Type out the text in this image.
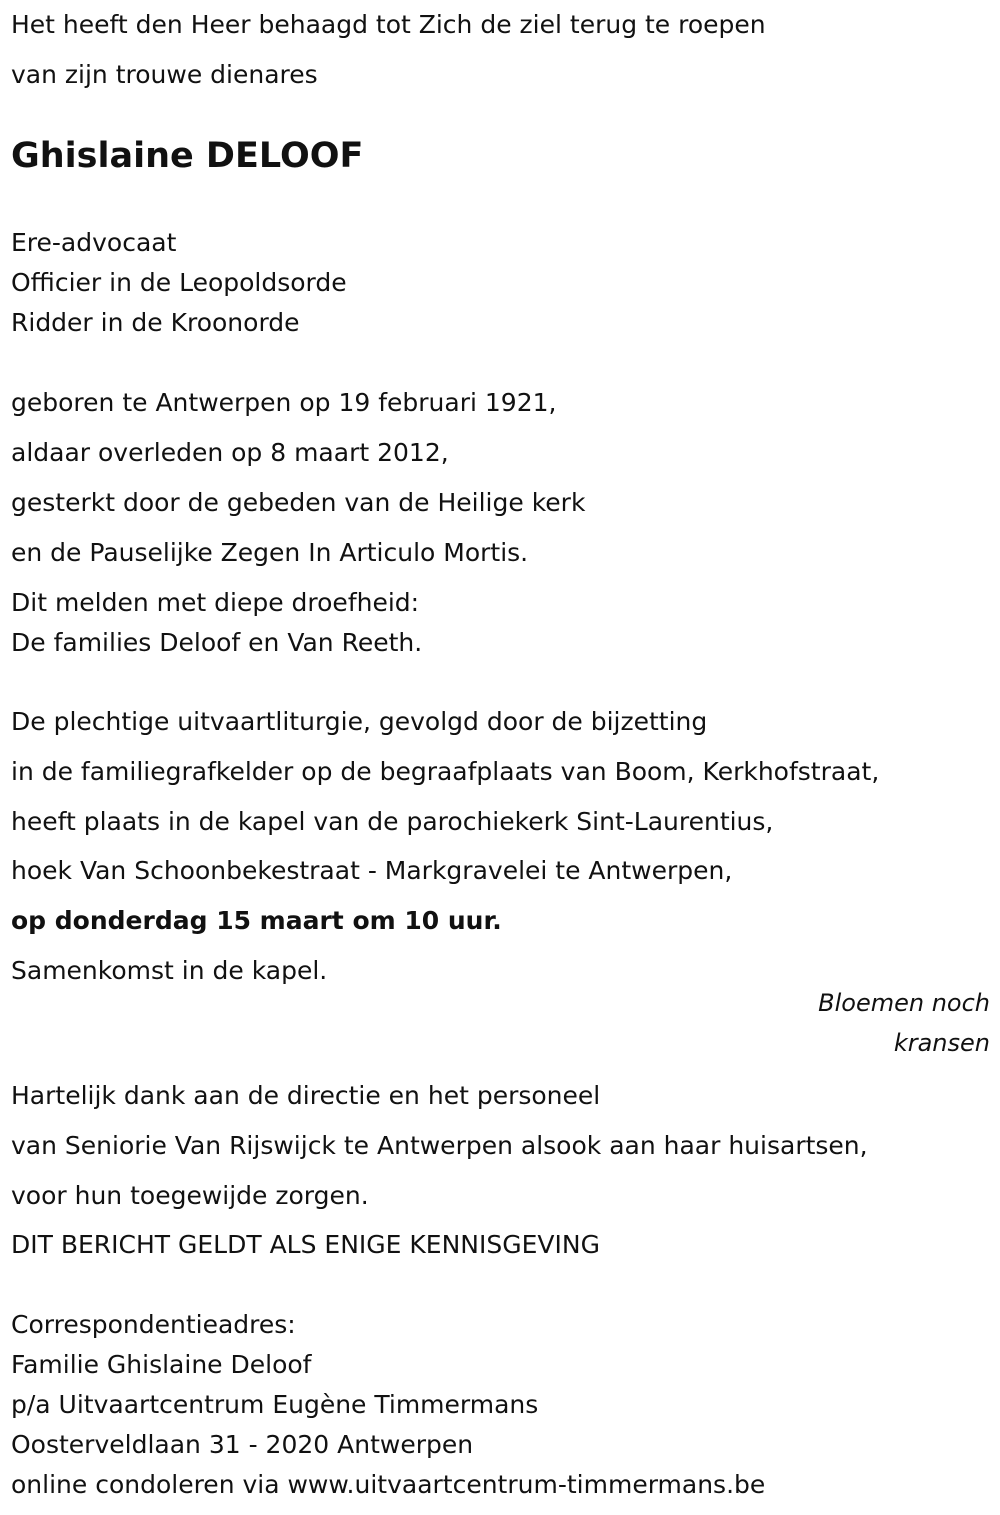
Het heeft den Heer behaagd tot Zich de ziel terug te roepen

van zijn trouwe dienares

Ghislaine DELOOF

Ere-advocaat

Officier in de Leopoldsorde

Ridder in de Kroonorde

geboren te Antwerpen op 19 februari 1921,

aldaar overleden op 8 maart 2012,

gesterkt door de gebeden van de Heilige kerk

en de Pauselijke Zegen In Articulo Mortis.

Dit melden met diepe droefheid:

De families Deloof en Van Reeth.

De plechtige uitvaartliturgie, gevolgd door de bijzetting

in de familiegrafkelder op de begraafplaats van Boom, Kerkhofstraat,

heeft plaats in de kapel van de parochiekerk Sint-Laurentius,

hoek Van Schoonbekestraat - Markgravelei te Antwerpen,

op donderdag 15 maart om 10 uur.

Samenkomst in de kapel.

Bloemen noch

kransen

Hartelijk dank aan de directie en het personeel

van Seniorie Van Rijswijck te Antwerpen alsook aan haar huisartsen,

voor hun toegewijde zorgen.

DIT BERICHT GELDT ALS ENIGE KENNISGEVING

Correspondentieadres:

Familie Ghislaine Deloof

p/a Uitvaartcentrum Eugène Timmermans

Oosterveldlaan 31 - 2020 Antwerpen

online condoleren via www.uitvaartcentrum-timmermans.be
